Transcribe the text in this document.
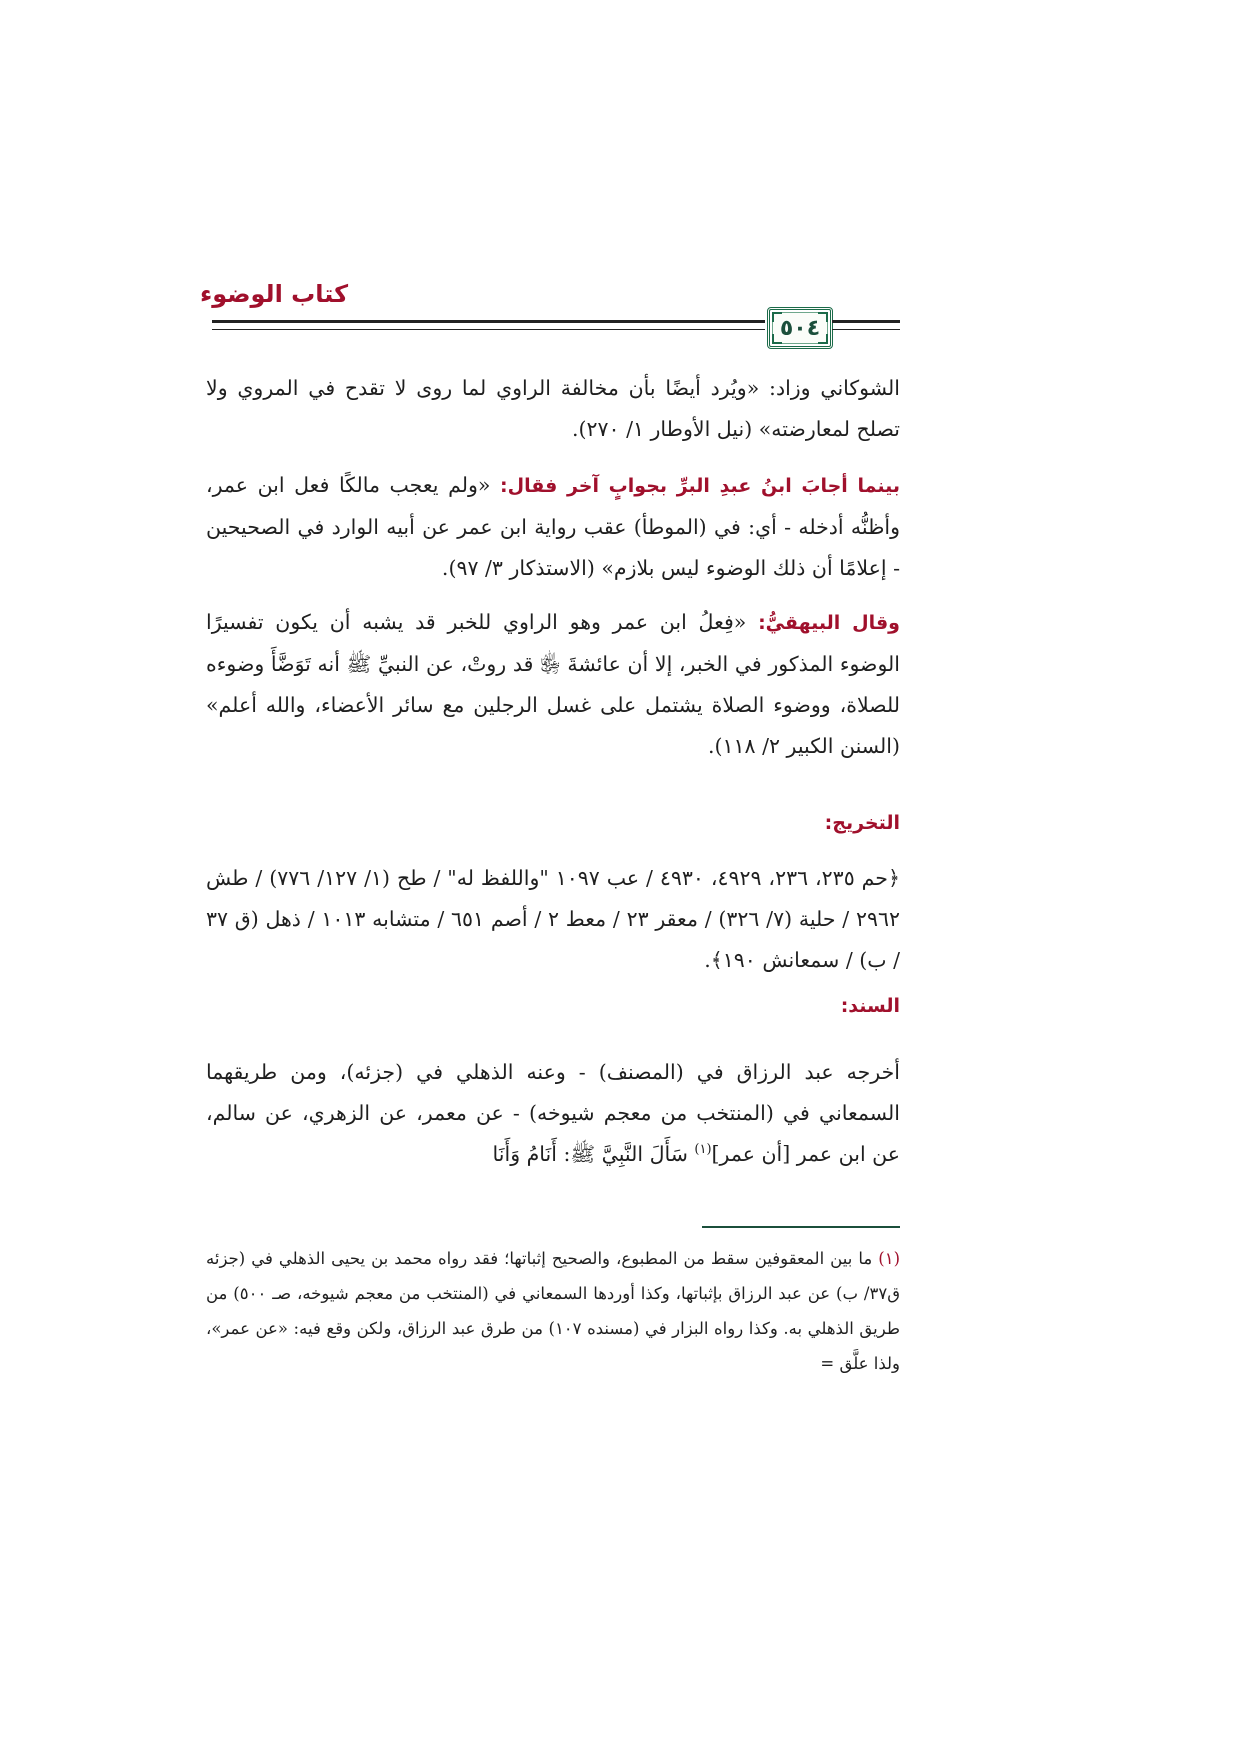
كتاب الوضوء
٥٠٤

الشوكاني وزاد: «ويُرد أيضًا بأن مخالفة الراوي لما روى لا تقدح في المروي ولا تصلح لمعارضته» (نيل الأوطار ١/ ٢٧٠).

بينما أجابَ ابنُ عبدِ البرِّ بجوابٍ آخر فقال: «ولم يعجب مالكًا فعل ابن عمر، وأظنُّه أدخله - أي: في (الموطأ) عقب رواية ابن عمر عن أبيه الوارد في الصحيحين - إعلامًا أن ذلك الوضوء ليس بلازم» (الاستذكار ٣/ ٩٧).

وقال البيهقيُّ: «فِعلُ ابن عمر وهو الراوي للخبر قد يشبه أن يكون تفسيرًا الوضوء المذكور في الخبر، إلا أن عائشةَ ﵂ قد روتْ، عن النبيِّ ﷺ أنه تَوَضَّأَ وضوءه للصلاة، ووضوء الصلاة يشتمل على غسل الرجلين مع سائر الأعضاء، والله أعلم» (السنن الكبير ٢/ ١١٨).

التخريج:

﴿حم ٢٣٥، ٢٣٦، ٤٩٢٩، ٤٩٣٠ / عب ١٠٩٧ "واللفظ له" / طح (١/ ١٢٧/ ٧٧٦) / طش ٢٩٦٢ / حلية (٧/ ٣٢٦) / معقر ٢٣ / معط ٢ / أصم ٦٥١ / متشابه ١٠١٣ / ذهل (ق ٣٧ / ب) / سمعانش ١٩٠﴾.

السند:

أخرجه عبد الرزاق في (المصنف) - وعنه الذهلي في (جزئه)، ومن طريقهما السمعاني في (المنتخب من معجم شيوخه) - عن معمر، عن الزهري، عن سالم، عن ابن عمر [أن عمر]$^{(١)}$ سَأَلَ النَّبِيَّ ﷺ: أَنَامُ وَأَنَا

(١) ما بين المعقوفين سقط من المطبوع، والصحيح إثباتها؛ فقد رواه محمد بن يحيى الذهلي في (جزئه ق٣٧/ ب) عن عبد الرزاق بإثباتها، وكذا أوردها السمعاني في (المنتخب من معجم شيوخه، صـ ٥٠٠) من طريق الذهلي به. وكذا رواه البزار في (مسنده ١٠٧) من طرق عبد الرزاق، ولكن وقع فيه: «عن عمر»، ولذا علَّق =
